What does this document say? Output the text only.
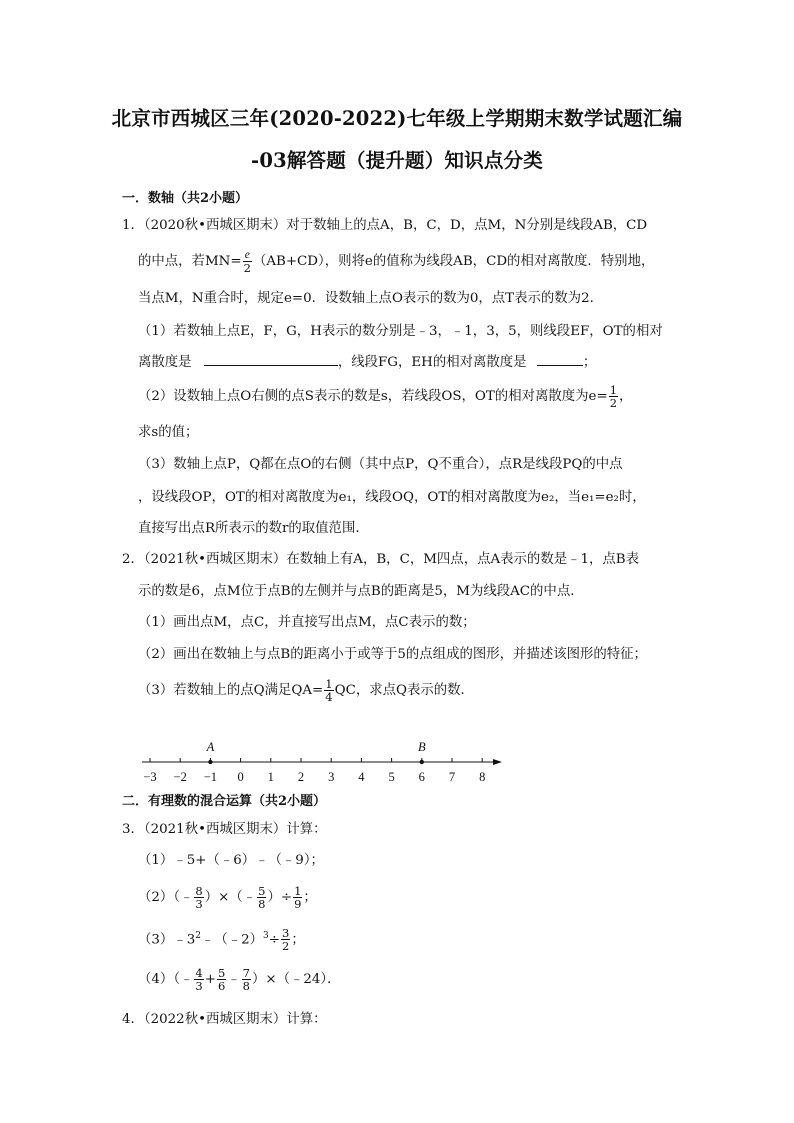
北京市西城区三年(2020-2022)七年级上学期期末数学试题汇编
-03解答题（提升题）知识点分类
一．数轴（共2小题）
1．（2020秋•西城区期末）对于数轴上的点A，B，C，D，点M，N分别是线段AB，CD
的中点，若$MN= \frac{e}{2} (AB+CD)$，则将e的值称为线段AB，CD的相对离散度．特别地，
当点M，N重合时，规定e=0．设数轴上点O表示的数为0，点T表示的数为2．
（1）若数轴上点E，F，G，H表示的数分别是﹣3，﹣1，3，5，则线段EF，OT的相对
离散度是	，线段FG，EH的相对离散度是	；
（2）设数轴上点O右侧的点S表示的数是s，若线段OS，OT的相对离散度为$e= \frac{1}{2}$ ，
求s的值；
（3）数轴上点P，Q都在点O的右侧（其中点P，Q不重合），点R是线段PQ的中点
，设线段OP，OT的相对离散度为e₁，线段OQ，OT的相对离散度为e₂，当e₁=e₂时，
直接写出点R所表示的数r的取值范围．
2．（2021秋•西城区期末）在数轴上有A，B，C，M四点，点A表示的数是﹣1，点B表
示的数是6，点M位于点B的左侧并与点B的距离是5，M为线段AC的中点．
（1）画出点M，点C，并直接写出点M，点C表示的数；
（2）画出在数轴上与点B的距离小于或等于5的点组成的图形，并描述该图形的特征；
（3）若数轴上的点Q满足$QA= \frac{1}{4}$ QC，求点Q表示的数．
−3 −2 −1 0 1 2 3 4 5 6 7 8
A	B
二．有理数的混合运算（共2小题）
3．（2021秋•西城区期末）计算：
（1）﹣5+（﹣6）﹣（﹣9）；
（2）（﹣ $\frac{8}{3}$ ）×（﹣ $\frac{5}{8}$ ）÷ $\frac{1}{9}$ ；
$(3)﹣3^2﹣(﹣2)^3\div \frac{3}{2}$ ；
（4）（﹣ $\frac{4}{3} + \frac{5}{6}$ ﹣ $\frac{7}{8}$ ）×（﹣24）．
4．（2022秋•西城区期末）计算：
